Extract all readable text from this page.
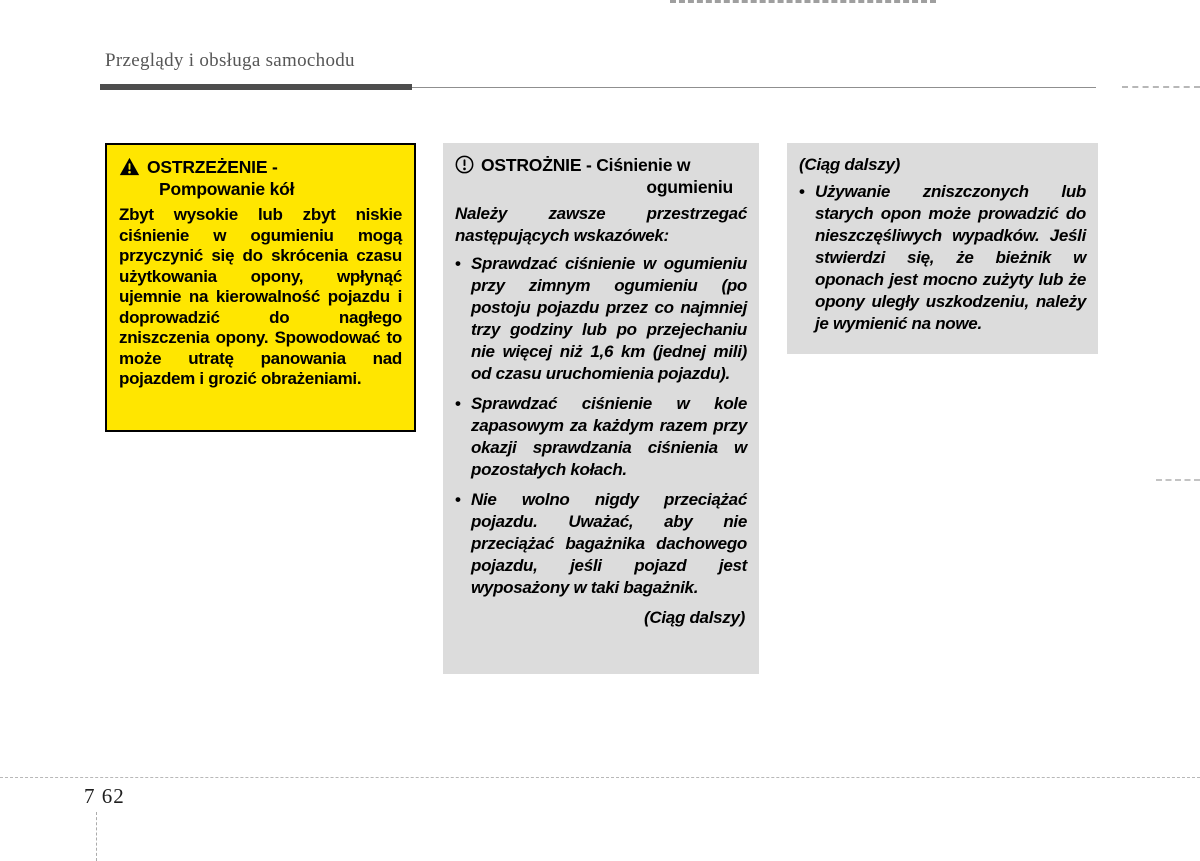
Przeglądy i obsługa samochodu
OSTRZEŻENIE -
Pompowanie kół

Zbyt wysokie lub zbyt niskie ciśnienie w ogumieniu mogą przyczynić się do skrócenia czasu użytkowania opony, wpłynąć ujemnie na kierowalność pojazdu i doprowadzić do nagłego zniszczenia opony. Spowodować to może utratę panowania nad pojazdem i grozić obrażeniami.

OSTROŻNIE - Ciśnienie w
ogumieniu

Należy zawsze przestrzegać następujących wskazówek:

• Sprawdzać ciśnienie w ogumieniu przy zimnym ogumieniu (po postoju pojazdu przez co najmniej trzy godziny lub po przejechaniu nie więcej niż 1,6 km (jednej mili) od czasu uruchomienia pojazdu).
• Sprawdzać ciśnienie w kole zapasowym za każdym razem przy okazji sprawdzania ciśnienia w pozostałych kołach.
• Nie wolno nigdy przeciążać pojazdu. Uważać, aby nie przeciążać bagażnika dachowego pojazdu, jeśli pojazd jest wyposażony w taki bagażnik.
(Ciąg dalszy)
(Ciąg dalszy)
• Używanie zniszczonych lub starych opon może prowadzić do nieszczęśliwych wypadków. Jeśli stwierdzi się, że bieżnik w oponach jest mocno zużyty lub że opony uległy uszkodzeniu, należy je wymienić na nowe.
7 62
